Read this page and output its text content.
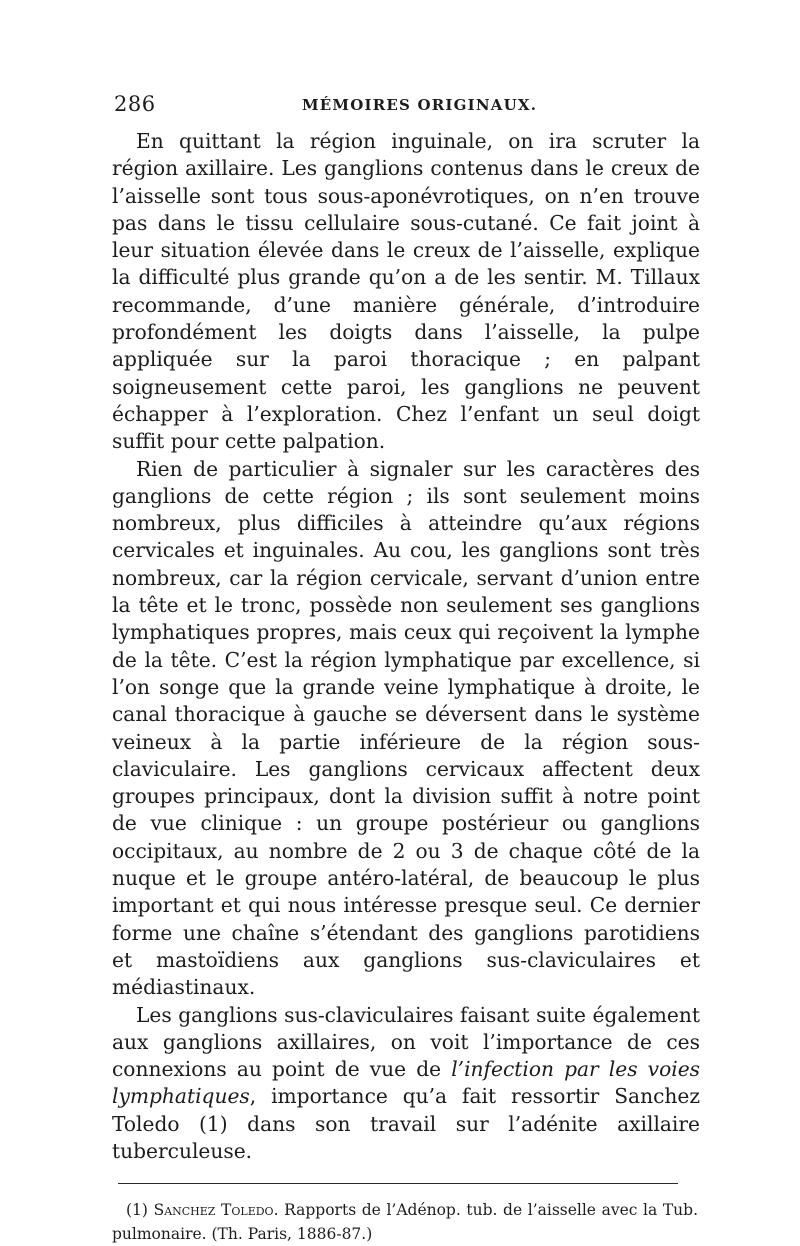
286	MÉMOIRES ORIGINAUX.

En quittant la région inguinale, on ira scruter la région axillaire. Les ganglions contenus dans le creux de l’aisselle sont tous sous-aponévrotiques, on n’en trouve pas dans le tissu cellulaire sous-cutané. Ce fait joint à leur situation élevée dans le creux de l’aisselle, explique la difficulté plus grande qu’on a de les sentir. M. Tillaux recommande, d’une manière générale, d’introduire profondément les doigts dans l’aisselle, la pulpe appliquée sur la paroi thoracique ; en palpant soigneusement cette paroi, les ganglions ne peuvent échapper à l’exploration. Chez l’enfant un seul doigt suffit pour cette palpation.

Rien de particulier à signaler sur les caractères des ganglions de cette région ; ils sont seulement moins nombreux, plus difficiles à atteindre qu’aux régions cervicales et inguinales. Au cou, les ganglions sont très nombreux, car la région cervicale, servant d’union entre la tête et le tronc, possède non seulement ses ganglions lymphatiques propres, mais ceux qui reçoivent la lymphe de la tête. C’est la région lymphatique par excellence, si l’on songe que la grande veine lymphatique à droite, le canal thoracique à gauche se déversent dans le système veineux à la partie inférieure de la région sous-claviculaire. Les ganglions cervicaux affectent deux groupes principaux, dont la division suffit à notre point de vue clinique : un groupe postérieur ou ganglions occipitaux, au nombre de 2 ou 3 de chaque côté de la nuque et le groupe antéro-latéral, de beaucoup le plus important et qui nous intéresse presque seul. Ce dernier forme une chaîne s’étendant des ganglions parotidiens et mastoïdiens aux ganglions sus-claviculaires et médiastinaux.

Les ganglions sus-claviculaires faisant suite également aux ganglions axillaires, on voit l’importance de ces connexions au point de vue de l’infection par les voies lymphatiques, importance qu’a fait ressortir Sanchez Toledo (1) dans son travail sur l’adénite axillaire tuberculeuse.

(1) Sanchez Toledo. Rapports de l’Adénop. tub. de l’aisselle avec la Tub. pulmonaire. (Th. Paris, 1886-87.)
